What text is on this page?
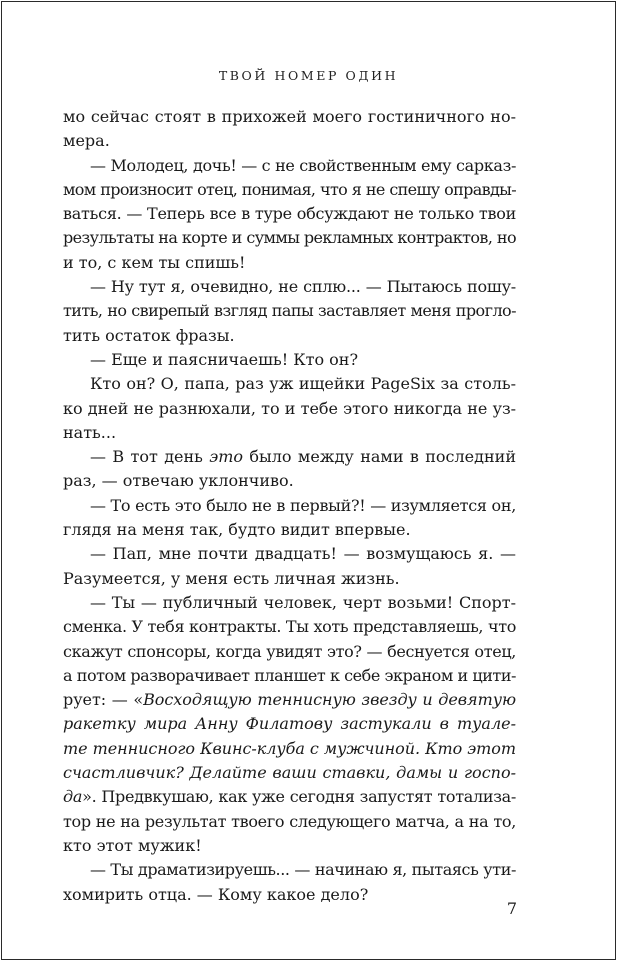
ТВОЙ НОМЕР ОДИН
мо сейчас стоят в прихожей моего гостиничного но-
мера.
— Молодец, дочь! — с не свойственным ему сарказ-
мом произносит отец, понимая, что я не спешу оправды-
ваться. — Теперь все в туре обсуждают не только твои
результаты на корте и суммы рекламных контрактов, но
и то, с кем ты спишь!
— Ну тут я, очевидно, не сплю... — Пытаюсь пошу-
тить, но свирепый взгляд папы заставляет меня прогло-
тить остаток фразы.
— Еще и паясничаешь! Кто он?
Кто он? О, папа, раз уж ищейки PageSix за столь-
ко дней не разнюхали, то и тебе этого никогда не уз-
нать...
— В тот день это было между нами в последний
раз, — отвечаю уклончиво.
— То есть это было не в первый?! — изумляется он,
глядя на меня так, будто видит впервые.
— Пап, мне почти двадцать! — возмущаюсь я. —
Разумеется, у меня есть личная жизнь.
— Ты — публичный человек, черт возьми! Спорт-
сменка. У тебя контракты. Ты хоть представляешь, что
скажут спонсоры, когда увидят это? — беснуется отец,
а потом разворачивает планшет к себе экраном и цити-
рует: — «Восходящую теннисную звезду и девятую
ракетку мира Анну Филатову застукали в туале-
те теннисного Квинс-клуба с мужчиной. Кто этот
счастливчик? Делайте ваши ставки, дамы и госпо-
да». Предвкушаю, как уже сегодня запустят тотализа-
тор не на результат твоего следующего матча, а на то,
кто этот мужик!
— Ты драматизируешь... — начинаю я, пытаясь ути-
хомирить отца. — Кому какое дело?
7
